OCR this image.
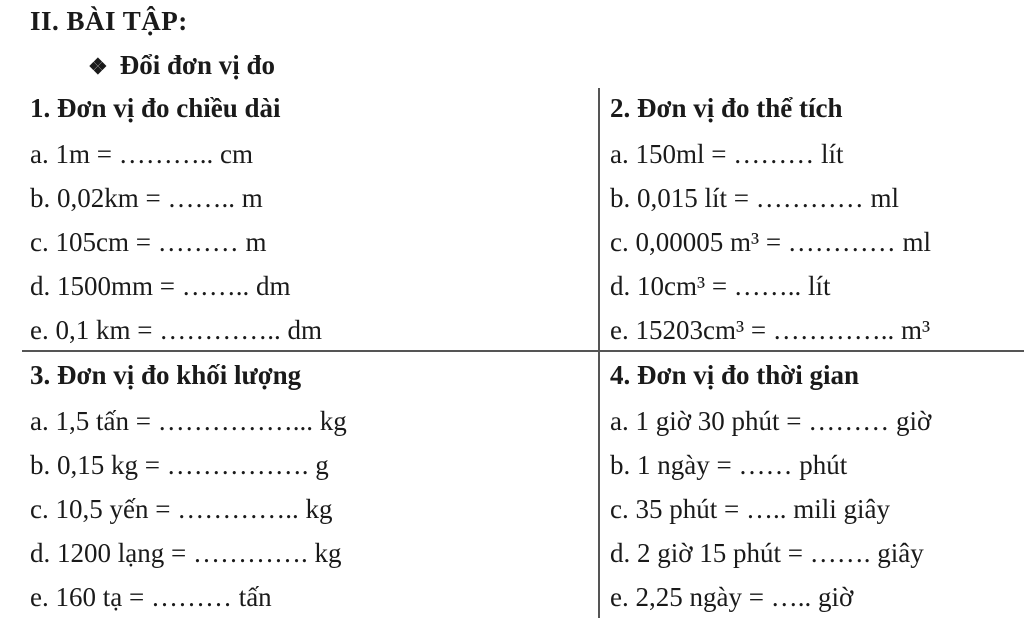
II. BÀI TẬP:
❖ Đổi đơn vị đo
1. Đơn vị đo chiều dài
a. 1m = ……….. cm
b. 0,02km = …….. m
c. 105cm = ……… m
d. 1500mm = …….. dm
e. 0,1 km = ………….. dm
2. Đơn vị đo thể tích
a. 150ml = ……… lít
b. 0,015 lít = ………… ml
c. 0,00005 m³ = ………… ml
d. 10cm³ = …….. lít
e. 15203cm³ = ………….. m³
3. Đơn vị đo khối lượng
a. 1,5 tấn = ……………... kg
b. 0,15 kg = ……………. g
c. 10,5 yến = ………….. kg
d. 1200 lạng = …………. kg
e. 160 tạ = ……… tấn
4. Đơn vị đo thời gian
a. 1 giờ 30 phút = ……… giờ
b. 1 ngày = …… phút
c. 35 phút = ….. mili giây
d. 2 giờ 15 phút = ……. giây
e. 2,25 ngày = ….. giờ
